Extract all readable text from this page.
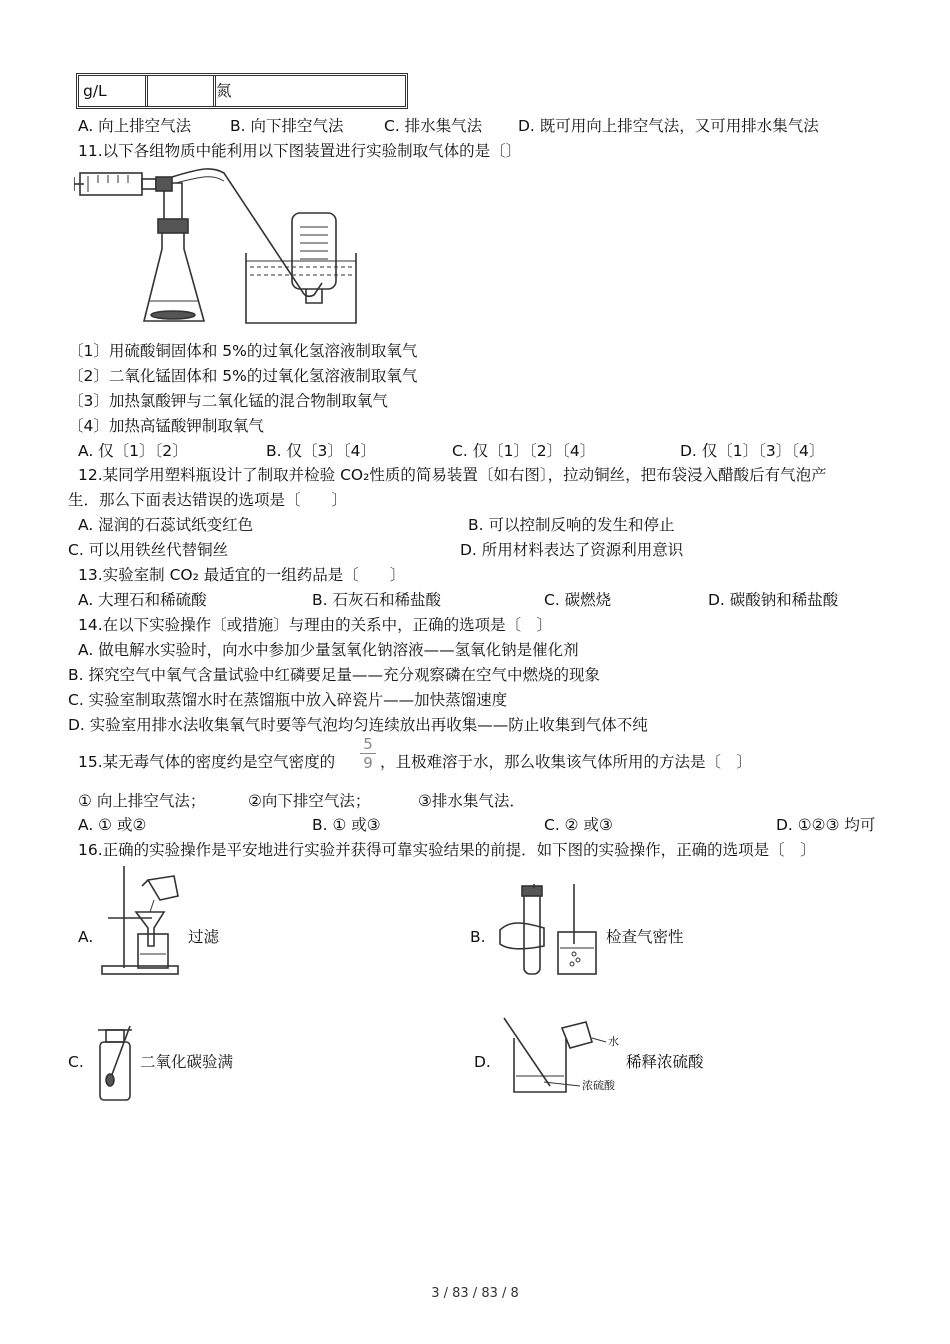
g/L	氮
A. 向上排空气法	B. 向下排空气法	C. 排水集气法 D. 既可用向上排空气法，又可用排水集气法
11.以下各组物质中能利用以下图装置进行实验制取气体的是〔〕
〔1〕用硫酸铜固体和 5%的过氧化氢溶液制取氧气
〔2〕二氧化锰固体和 5%的过氧化氢溶液制取氧气
〔3〕加热氯酸钾与二氧化锰的混合物制取氧气
〔4〕加热高锰酸钾制取氧气
A. 仅〔1〕〔2〕	B. 仅〔3〕〔4〕	C. 仅〔1〕〔2〕〔4〕	D. 仅〔1〕〔3〕〔4〕
12.某同学用塑料瓶设计了制取并检验 CO₂性质的简易装置〔如右图〕，拉动铜丝，把布袋浸入醋酸后有气泡产
生．那么下面表达错误的选项是〔　　〕
A. 湿润的石蕊试纸变红色	B. 可以控制反响的发生和停止
C. 可以用铁丝代替铜丝	D. 所用材料表达了资源利用意识
13.实验室制 CO₂ 最适宜的一组药品是〔　　〕
A. 大理石和稀硫酸	B. 石灰石和稀盐酸	C. 碳燃烧	D. 碳酸钠和稀盐酸
14.在以下实验操作〔或措施〕与理由的关系中，正确的选项是〔　〕
A. 做电解水实验时，向水中参加少量氢氧化钠溶液——氢氧化钠是催化剂
B. 探究空气中氧气含量试验中红磷要足量——充分观察磷在空气中燃烧的现象
C. 实验室制取蒸馏水时在蒸馏瓶中放入碎瓷片——加快蒸馏速度
D. 实验室用排水法收集氧气时要等气泡均匀连续放出再收集——防止收集到气体不纯
15.某无毒气体的密度约是空气密度的
5
9 ，且极难溶于水，那么收集该气体所用的方法是〔　〕
① 向上排空气法；	②向下排空气法；	③排水集气法．
A. ① 或②	B. ① 或③	C. ② 或③	D. ①②③ 均可
16.正确的实验操作是平安地进行实验并获得可靠实验结果的前提．如下图的实验操作，正确的选项是〔　〕
A.	过滤	B.	检查气密性
C.	二氧化碳验满	D.
水
浓硫酸
稀释浓硫酸
3 / 83 / 83 / 8
